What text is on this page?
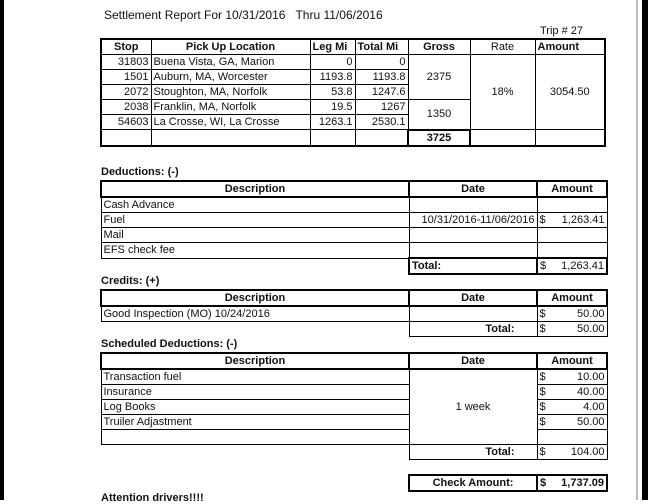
Settlement Report For 10/31/2016 Thru 11/06/2016
Trip # 27
Stop	Pick Up Location	Leg Mi	Total Mi	Gross	Rate	Amount
31803	Buena Vista, GA, Marion	0	0	2375	18%	3054.50
1501	Auburn, MA, Worcester	1193.8	1193.8			
2072	Stoughton, MA, Norfolk	53.8	1247.6			
2038	Franklin, MA, Norfolk	19.5	1267	1350		
54603	La Crosse, WI, La Crosse	1263.1	2530.1			
				3725		
Deductions: (-)
Description	Date	Amount
Cash Advance		
Fuel	10/31/2016-11/06/2016	$ 1,263.41

Mail		
EFS check fee		
	Total:	$ 1,263.41
Credits: (+)
Description	Date	Amount
Good Inspection (MO) 10/24/2016		$ 50.00

	Total:	$ 50.00
Scheduled Deductions: (-)
Description	Date	Amount
Transaction fuel	1 week	$ 10.00

Insurance		$ 40.00

Log Books		$ 4.00

Truiler Adjastment		$ 50.00

	Total:	$ 104.00
Check Amount:	$ 1,737.09
Attention drivers!!!!
